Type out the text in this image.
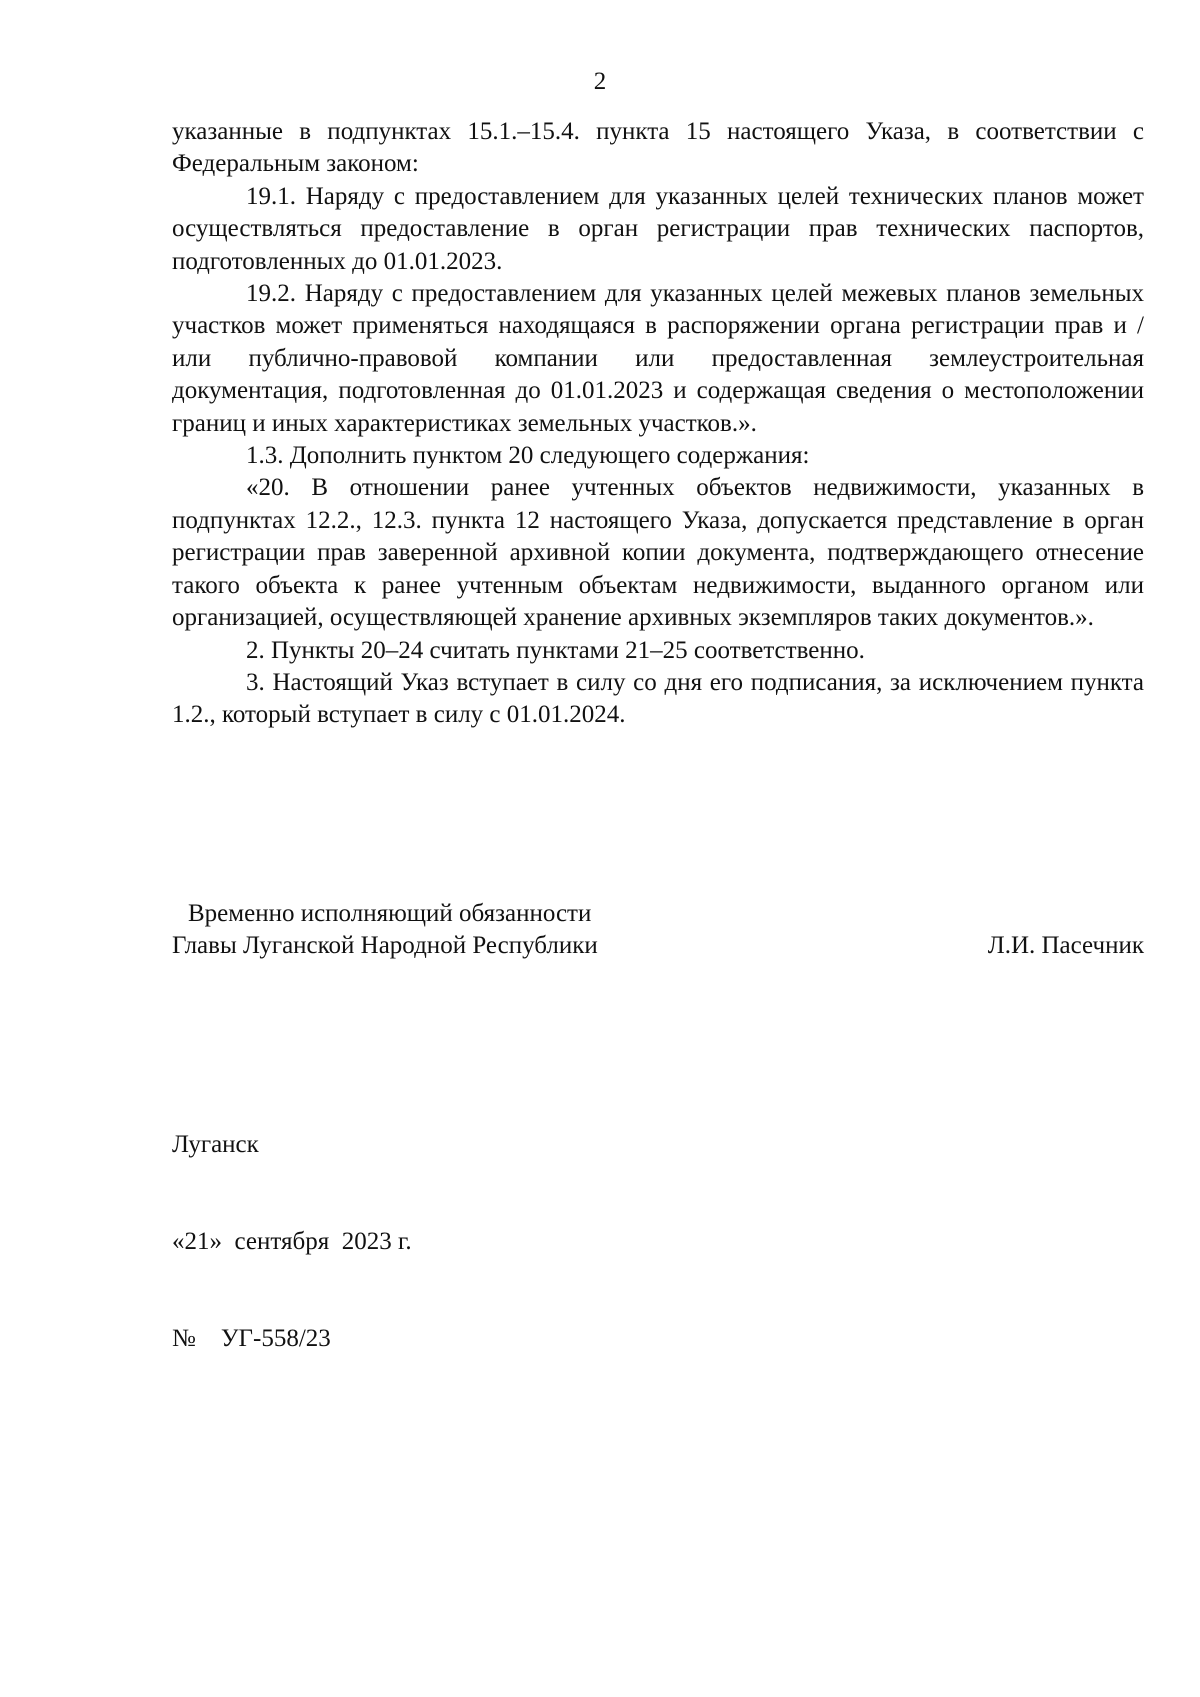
2

указанные в подпунктах 15.1.–15.4. пункта 15 настоящего Указа, в соответствии с Федеральным законом:

19.1. Наряду с предоставлением для указанных целей технических планов может осуществляться предоставление в орган регистрации прав технических паспортов, подготовленных до 01.01.2023.

19.2. Наряду с предоставлением для указанных целей межевых планов земельных участков может применяться находящаяся в распоряжении органа регистрации прав и / или публично-правовой компании или предоставленная землеустроительная документация, подготовленная до 01.01.2023 и содержащая сведения о местоположении границ и иных характеристиках земельных участков.».

1.3. Дополнить пунктом 20 следующего содержания:

«20. В отношении ранее учтенных объектов недвижимости, указанных в подпунктах 12.2., 12.3. пункта 12 настоящего Указа, допускается представление в орган регистрации прав заверенной архивной копии документа, подтверждающего отнесение такого объекта к ранее учтенным объектам недвижимости, выданного органом или организацией, осуществляющей хранение архивных экземпляров таких документов.».

2. Пункты 20–24 считать пунктами 21–25 соответственно.

3. Настоящий Указ вступает в силу со дня его подписания, за исключением пункта 1.2., который вступает в силу с 01.01.2024.

Временно исполняющий обязанности
Главы Луганской Народной Республики	Л.И. Пасечник

Луганск

«21»  сентября  2023 г.

№    УГ-558/23
